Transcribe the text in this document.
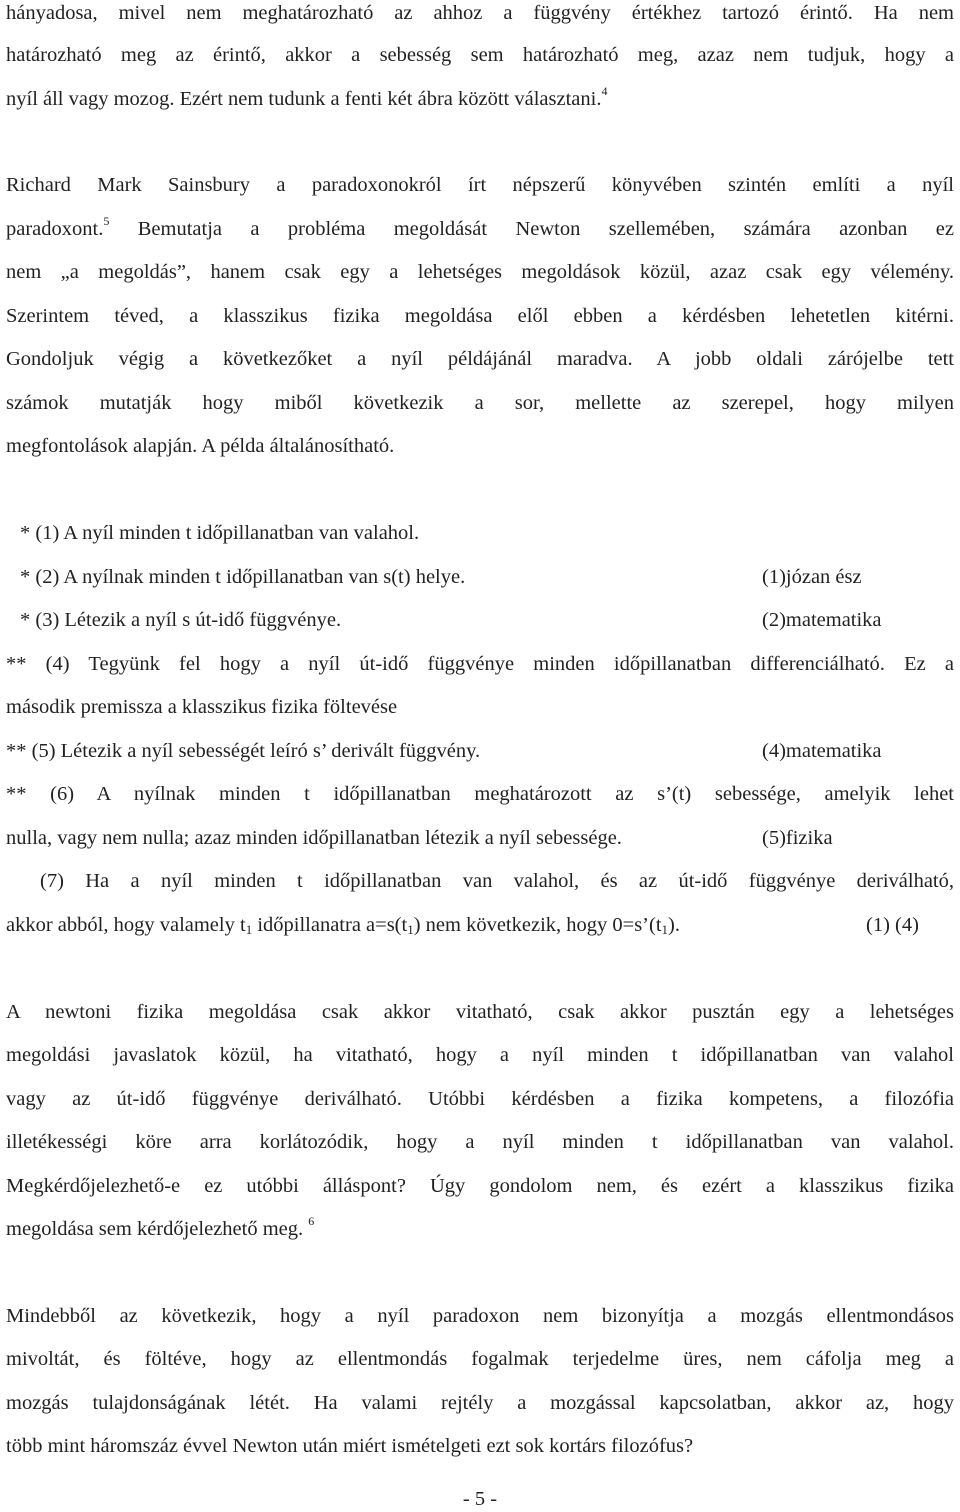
hányadosa, mivel nem meghatározható az ahhoz a függvény értékhez tartozó érintő. Ha nem
határozható meg az érintő, akkor a sebesség sem határozható meg, azaz nem tudjuk, hogy a
nyíl áll vagy mozog. Ezért nem tudunk a fenti két ábra között választani.$^4$
Richard Mark Sainsbury a paradoxonokról írt népszerű könyvében szintén említi a nyíl
paradoxont.$^5$ Bemutatja a probléma megoldását Newton szellemében, számára azonban ez
nem „a megoldás”, hanem csak egy a lehetséges megoldások közül, azaz csak egy vélemény.
Szerintem téved, a klasszikus fizika megoldása elől ebben a kérdésben lehetetlen kitérni.
Gondoljuk végig a következőket a nyíl példájánál maradva. A jobb oldali zárójelbe tett
számok mutatják hogy miből következik a sor, mellette az szerepel, hogy milyen
megfontolások alapján. A példa általánosítható.
* (1) A nyíl minden t időpillanatban van valahol.
* (2) A nyílnak minden t időpillanatban van s(t) helye.	(1)józan ész
* (3) Létezik a nyíl s út-idő függvénye.	(2)matematika
** (4) Tegyünk fel hogy a nyíl út-idő függvénye minden időpillanatban differenciálható. Ez a
második premissza a klasszikus fizika föltevése
** (5) Létezik a nyíl sebességét leíró s’ derivált függvény.	(4)matematika
** (6) A nyílnak minden t időpillanatban meghatározott az s’(t) sebessége, amelyik lehet
nulla, vagy nem nulla; azaz minden időpillanatban létezik a nyíl sebessége.	(5)fizika
(7) Ha a nyíl minden t időpillanatban van valahol, és az út-idő függvénye deriválható,
akkor abból, hogy valamely $t_1$ időpillanatra $a=s(t_1)$ nem következik, hogy $0=s’(t_1)$.	(1) (4)
A newtoni fizika megoldása csak akkor vitatható, csak akkor pusztán egy a lehetséges
megoldási javaslatok közül, ha vitatható, hogy a nyíl minden t időpillanatban van valahol
vagy az út-idő függvénye deriválható. Utóbbi kérdésben a fizika kompetens, a filozófia
illetékességi köre arra korlátozódik, hogy a nyíl minden t időpillanatban van valahol.
Megkérdőjelezhető-e ez utóbbi álláspont? Úgy gondolom nem, és ezért a klasszikus fizika
megoldása sem kérdőjelezhető meg. $^6$
Mindebből az következik, hogy a nyíl paradoxon nem bizonyítja a mozgás ellentmondásos
mivoltát, és föltéve, hogy az ellentmondás fogalmak terjedelme üres, nem cáfolja meg a
mozgás tulajdonságának létét. Ha valami rejtély a mozgással kapcsolatban, akkor az, hogy
több mint háromszáz évvel Newton után miért ismételgeti ezt sok kortárs filozófus?
- 5 -
